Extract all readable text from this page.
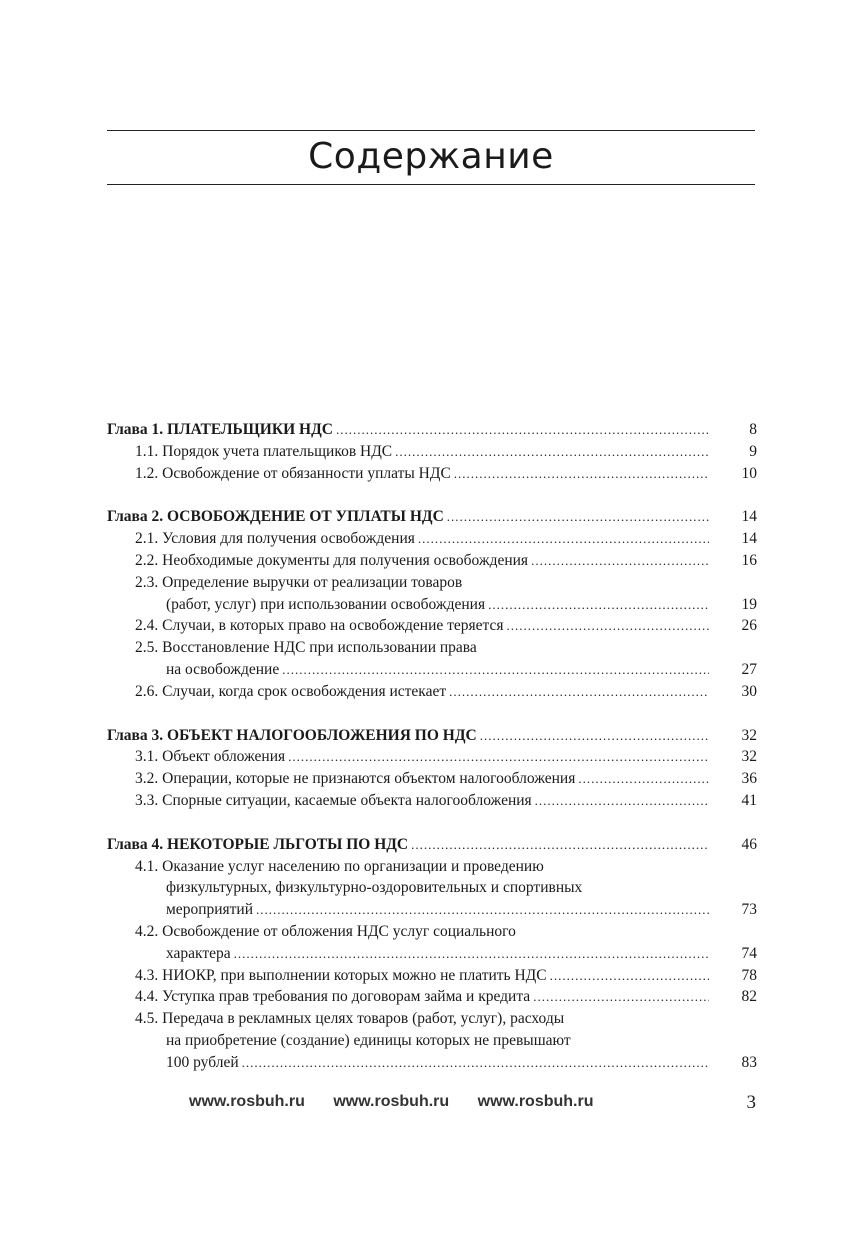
Содержание
Глава 1. ПЛАТЕЛЬЩИКИ НДС .....	8
1.1. Порядок учета плательщиков НДС .....	9
1.2. Освобождение от обязанности уплаты НДС .....	10
Глава 2. ОСВОБОЖДЕНИЕ ОТ УПЛАТЫ НДС .....	14
2.1. Условия для получения освобождения .....	14
2.2. Необходимые документы для получения освобождения .....	16
2.3. Определение выручки от реализации товаров
(работ, услуг) при использовании освобождения .....	19
2.4. Случаи, в которых право на освобождение теряется .....	26
2.5. Восстановление НДС при использовании права
на освобождение .....	27
2.6. Случаи, когда срок освобождения истекает .....	30
Глава 3. ОБЪЕКТ НАЛОГООБЛОЖЕНИЯ ПО НДС .....	32
3.1. Объект обложения .....	32
3.2. Операции, которые не признаются объектом налогообложения .....	36
3.3. Спорные ситуации, касаемые объекта налогообложения .....	41
Глава 4. НЕКОТОРЫЕ ЛЬГОТЫ ПО НДС .....	46
4.1. Оказание услуг населению по организации и проведению
физкультурных, физкультурно-оздоровительных и спортивных
мероприятий .....	73
4.2. Освобождение от обложения НДС услуг социального
характера .....	74
4.3. НИОКР, при выполнении которых можно не платить НДС .....	78
4.4. Уступка прав требования по договорам займа и кредита .....	82
4.5. Передача в рекламных целях товаров (работ, услуг), расходы
на приобретение (создание) единицы которых не превышают
100 рублей .....	83
www.rosbuh.ru www.rosbuh.ru www.rosbuh.ru	3
